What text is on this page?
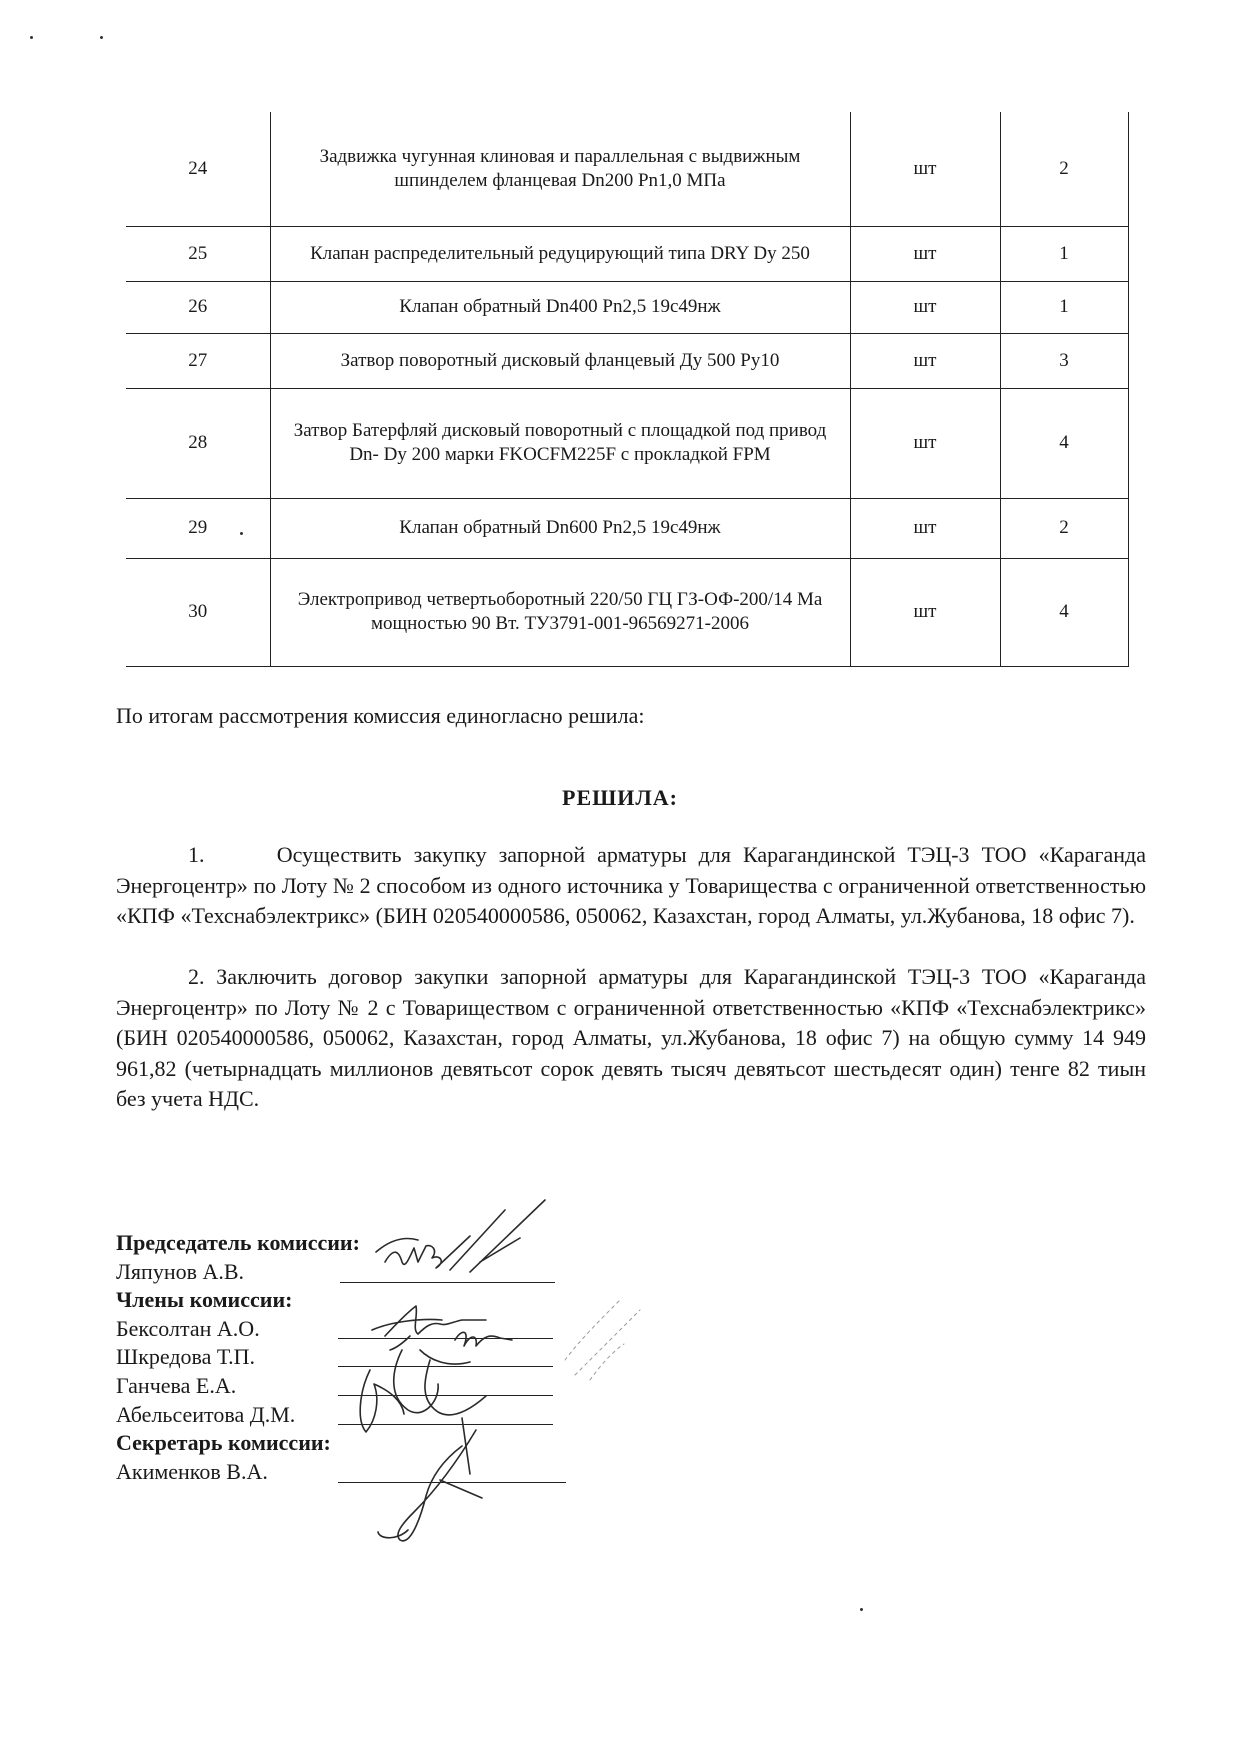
24	Задвижка чугунная клиновая и параллельная с выдвижным шпинделем фланцевая Dn200 Pn1,0 МПа	шт	2
25	Клапан распределительный редуцирующий типа DRY Dy 250	шт	1
26	Клапан обратный Dn400 Pn2,5 19с49нж	шт	1
27	Затвор поворотный дисковый фланцевый Ду 500 Ру10	шт	3
28	Затвор Батерфляй дисковый поворотный с площадкой под привод Dn- Dy 200 марки FKOCFM225F с прокладкой FPM	шт	4
29	Клапан обратный Dn600 Pn2,5 19с49нж	шт	2
30	Электропривод четвертьоборотный 220/50 ГЦ ГЗ-ОФ-200/14 Ма мощностью 90 Вт. ТУ3791-001-96569271-2006	шт	4
По итогам рассмотрения комиссия единогласно решила:
РЕШИЛА:

1.      Осуществить закупку запорной арматуры для Карагандинской ТЭЦ-3 ТОО «Караганда Энергоцентр» по Лоту № 2 способом из одного источника у Товарищества с ограниченной ответственностью «КПФ «Техснабэлектрикс» (БИН 020540000586, 050062, Казахстан, город Алматы, ул.Жубанова, 18 офис 7).

2. Заключить договор закупки запорной арматуры для Карагандинской ТЭЦ-3 ТОО «Караганда Энергоцентр» по Лоту № 2 с Товариществом с ограниченной ответственностью «КПФ «Техснабэлектрикс» (БИН 020540000586, 050062, Казахстан, город Алматы, ул.Жубанова, 18 офис 7) на общую сумму 14 949 961,82 (четырнадцать миллионов девятьсот сорок девять тысяч девятьсот шестьдесят один) тенге 82 тиын без учета НДС.

Председатель комиссии:
Ляпунов А.В.
Члены комиссии:
Бексолтан А.О.
Шкредова Т.П.
Ганчева Е.А.
Абельсеитова Д.М.
Секретарь комиссии:
Акименков В.А.
